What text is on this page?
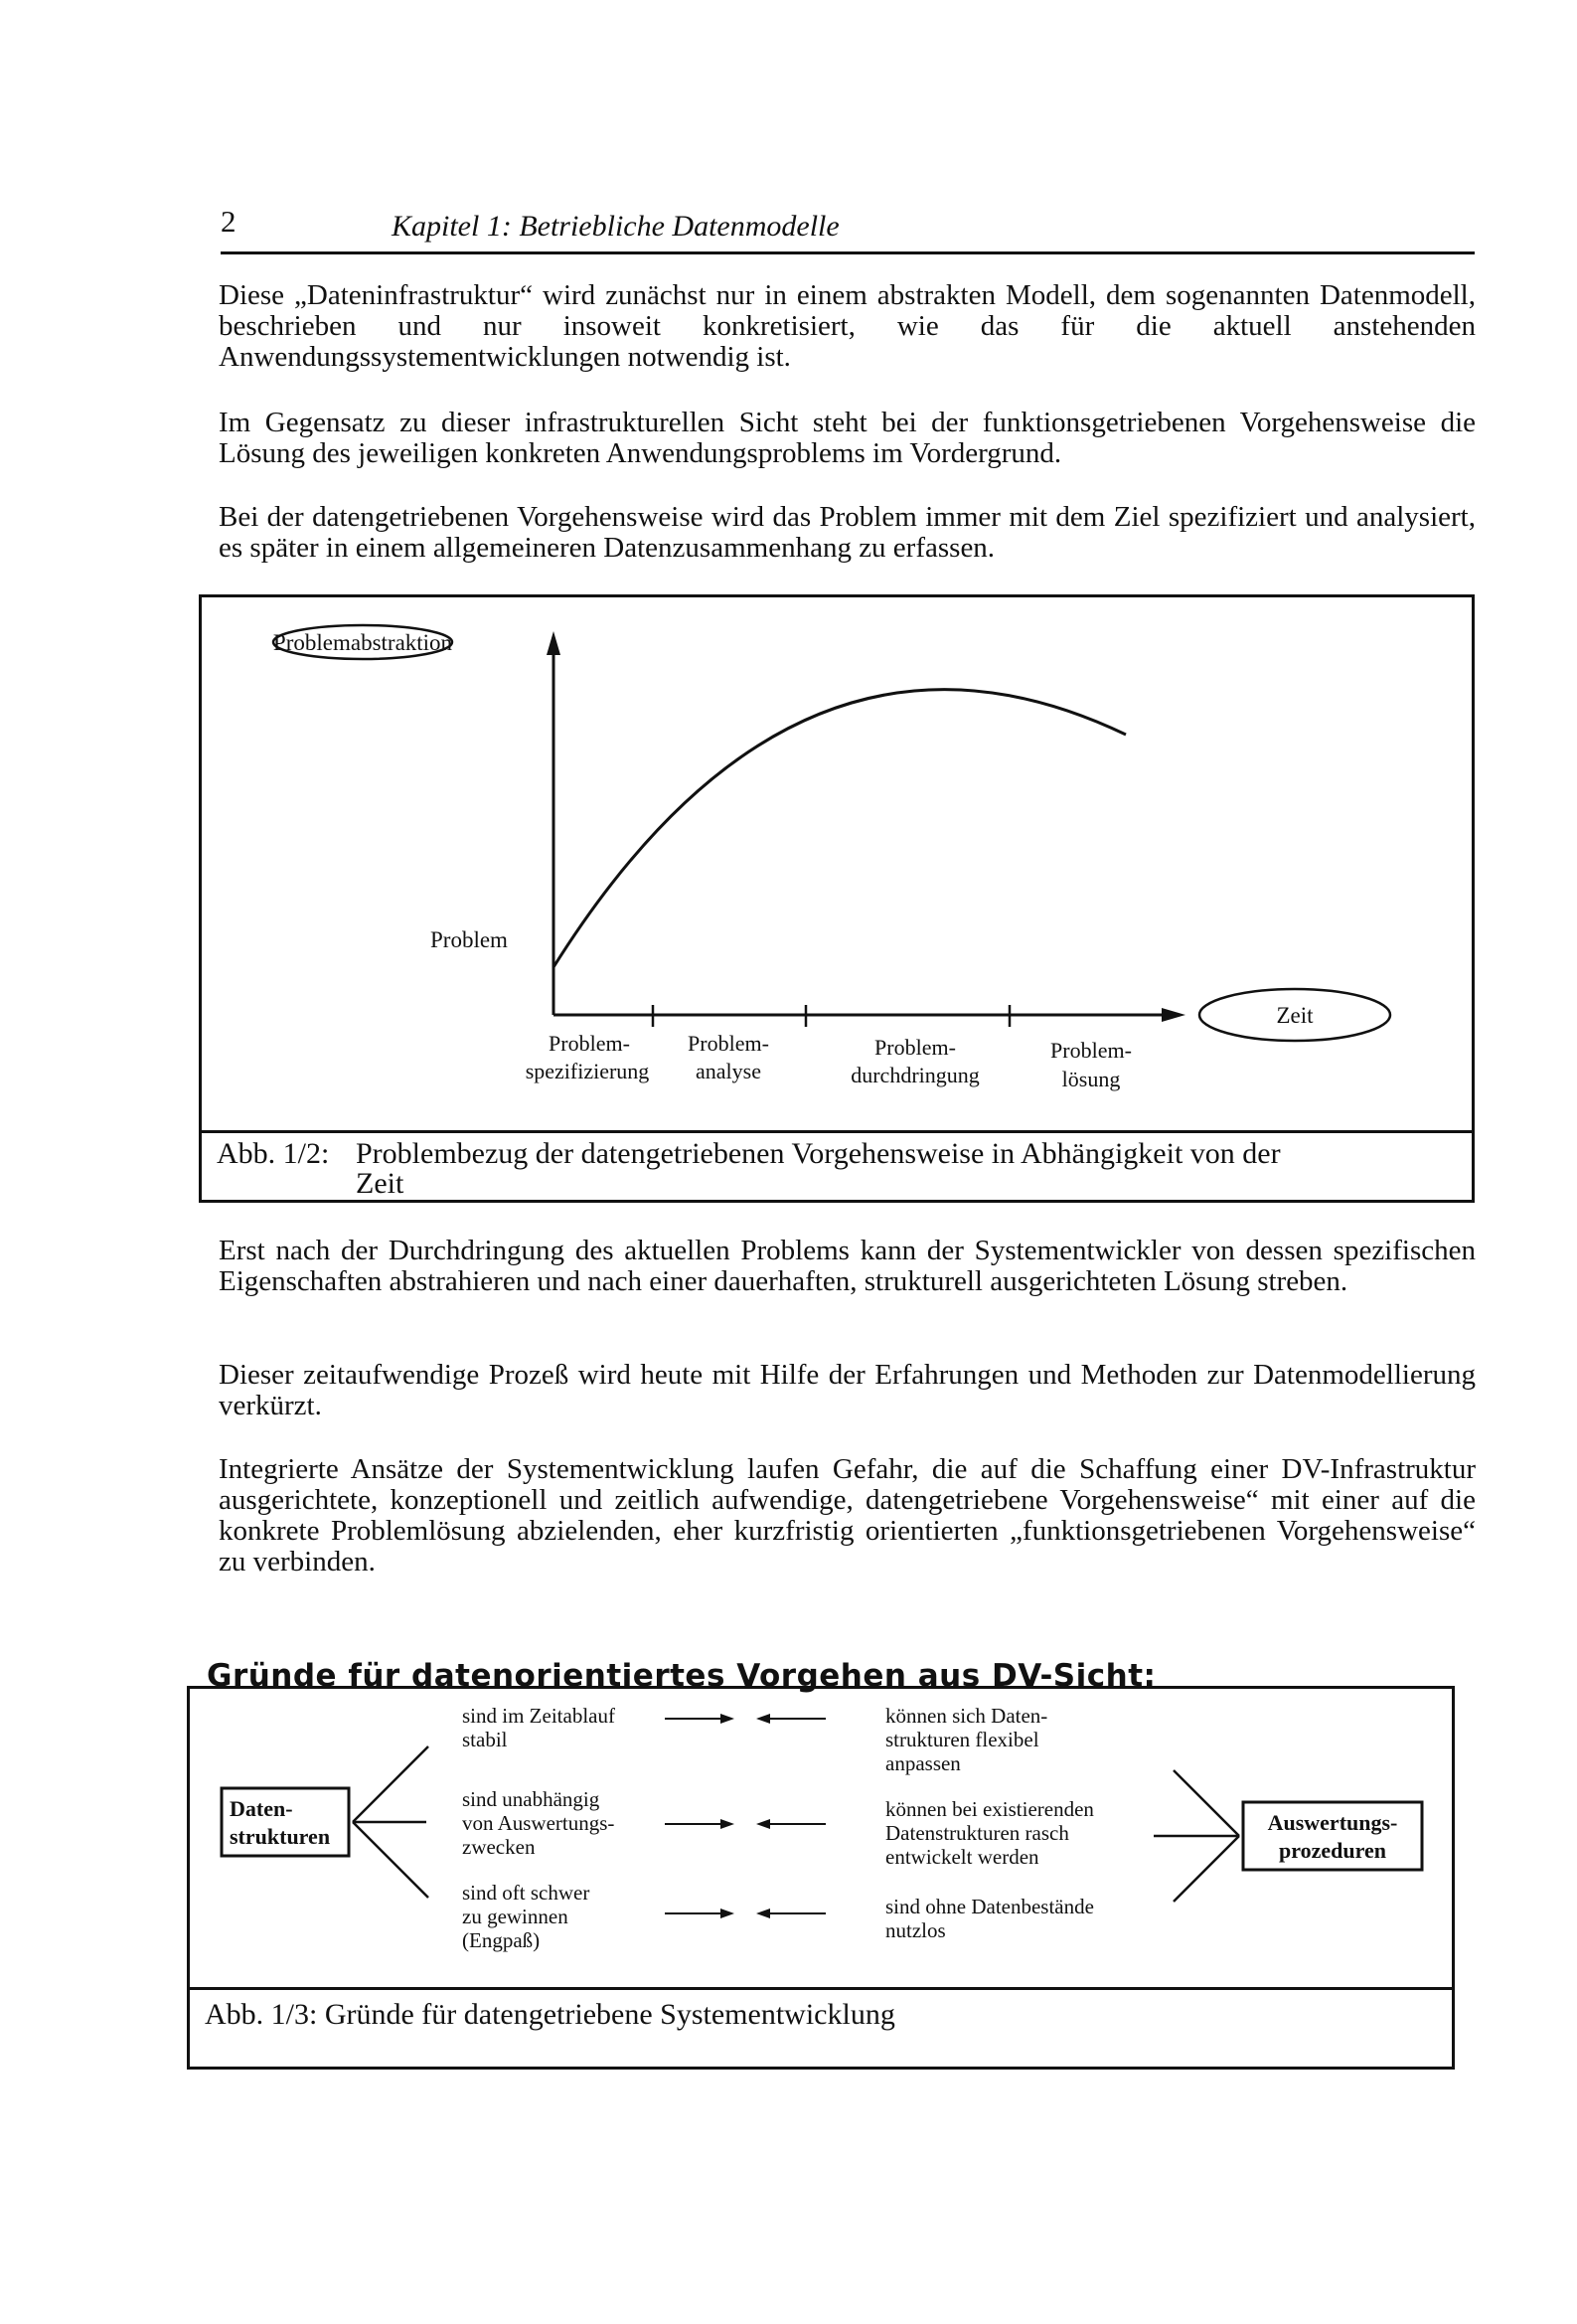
2	Kapitel 1: Betriebliche Datenmodelle
Diese „Dateninfrastruktur“ wird zunächst nur in einem abstrakten Modell, dem sogenannten Datenmodell, beschrieben und nur insoweit konkretisiert, wie das für die aktuell anstehenden Anwendungssystementwicklungen notwendig ist.
Im Gegensatz zu dieser infrastrukturellen Sicht steht bei der funktionsgetriebenen Vorgehensweise die Lösung des jeweiligen konkreten Anwendungsproblems im Vordergrund.
Bei der datengetriebenen Vorgehensweise wird das Problem immer mit dem Ziel spezifiziert und analysiert, es später in einem allgemeineren Datenzusammenhang zu erfassen.
Problemabstraktion
Problem
Zeit
Problem-
spezifizierung
Problem-
analyse
Problem-
durchdringung
Problem-
lösung
Abb. 1/2: Problembezug der datengetriebenen Vorgehensweise in Abhängigkeit von der
Zeit
Erst nach der Durchdringung des aktuellen Problems kann der Systementwickler von dessen spezifischen Eigenschaften abstrahieren und nach einer dauerhaften, strukturell ausgerichteten Lösung streben.
Dieser zeitaufwendige Prozeß wird heute mit Hilfe der Erfahrungen und Methoden zur Datenmodellierung verkürzt.
Integrierte Ansätze der Systementwicklung laufen Gefahr, die auf die Schaffung einer DV-Infrastruktur ausgerichtete, konzeptionell und zeitlich aufwendige, datengetriebene Vorgehensweise“ mit einer auf die konkrete Problemlösung abzielenden, eher kurzfristig orientierten „funktionsgetriebenen Vorgehensweise“ zu verbinden.
Gründe für datenorientiertes Vorgehen aus DV-Sicht:
Daten-
strukturen
Auswertungs-
prozeduren
sind im Zeitablauf
stabil
sind unabhängig
von Auswertungs-
zwecken
sind oft schwer
zu gewinnen
(Engpaß)
können sich Daten-
strukturen flexibel
anpassen
können bei existierenden
Datenstrukturen rasch
entwickelt werden
sind ohne Datenbestände
nutzlos
Abb. 1/3: Gründe für datengetriebene Systementwicklung
